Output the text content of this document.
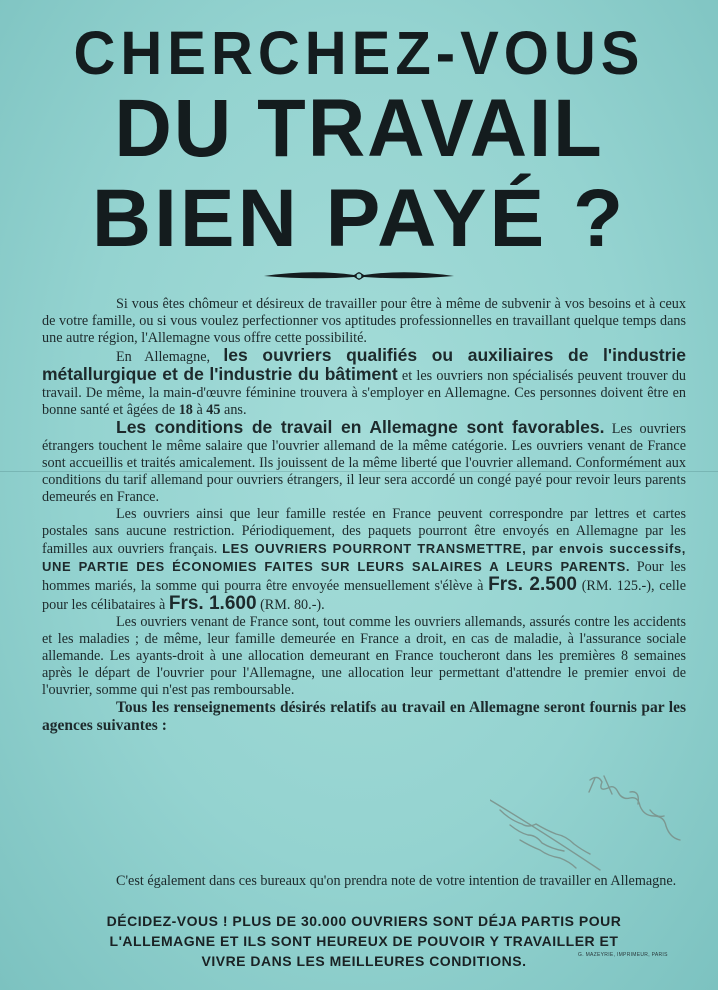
CHERCHEZ-VOUS
DU TRAVAIL
BIEN PAYÉ ?

Si vous êtes chômeur et désireux de travailler pour être à même de subvenir à vos besoins et à ceux de votre famille, ou si vous voulez perfectionner vos aptitudes professionnelles en travaillant quelque temps dans une autre région, l'Allemagne vous offre cette possibilité.

En Allemagne, les ouvriers qualifiés ou auxiliaires de l'industrie métallurgique et de l'industrie du bâtiment et les ouvriers non spécialisés peuvent trouver du travail. De même, la main-d'œuvre féminine trouvera à s'employer en Allemagne. Ces personnes doivent être en bonne santé et âgées de 18 à 45 ans.

Les conditions de travail en Allemagne sont favorables. Les ouvriers étrangers touchent le même salaire que l'ouvrier allemand de la même catégorie. Les ouvriers venant de France sont accueillis et traités amicalement. Ils jouissent de la même liberté que l'ouvrier allemand. Conformément aux conditions du tarif allemand pour ouvriers étrangers, il leur sera accordé un congé payé pour revoir leurs parents demeurés en France.

Les ouvriers ainsi que leur famille restée en France peuvent correspondre par lettres et cartes postales sans aucune restriction. Périodiquement, des paquets pourront être envoyés en Allemagne par les familles aux ouvriers français. LES OUVRIERS POURRONT TRANSMETTRE, par envois successifs, UNE PARTIE DES ÉCONOMIES FAITES SUR LEURS SALAIRES A LEURS PARENTS. Pour les hommes mariés, la somme qui pourra être envoyée mensuellement s'élève à Frs. 2.500 (RM. 125.-), celle pour les célibataires à Frs. 1.600 (RM. 80.-).

Les ouvriers venant de France sont, tout comme les ouvriers allemands, assurés contre les accidents et les maladies ; de même, leur famille demeurée en France a droit, en cas de maladie, à l'assurance sociale allemande. Les ayants-droit à une allocation demeurant en France toucheront dans les premières 8 semaines après le départ de l'ouvrier pour l'Allemagne, une allocation leur permettant d'attendre le premier envoi de l'ouvrier, somme qui n'est pas remboursable.

Tous les renseignements désirés relatifs au travail en Allemagne seront fournis par les agences suivantes :

C'est également dans ces bureaux qu'on prendra note de votre intention de travailler en Allemagne.
DÉCIDEZ-VOUS ! PLUS DE 30.000 OUVRIERS SONT DÉJA PARTIS POUR
L'ALLEMAGNE ET ILS SONT HEUREUX DE POUVOIR Y TRAVAILLER ET
VIVRE DANS LES MEILLEURES CONDITIONS.	G. MAZEYRIE, IMPRIMEUR, PARIS
